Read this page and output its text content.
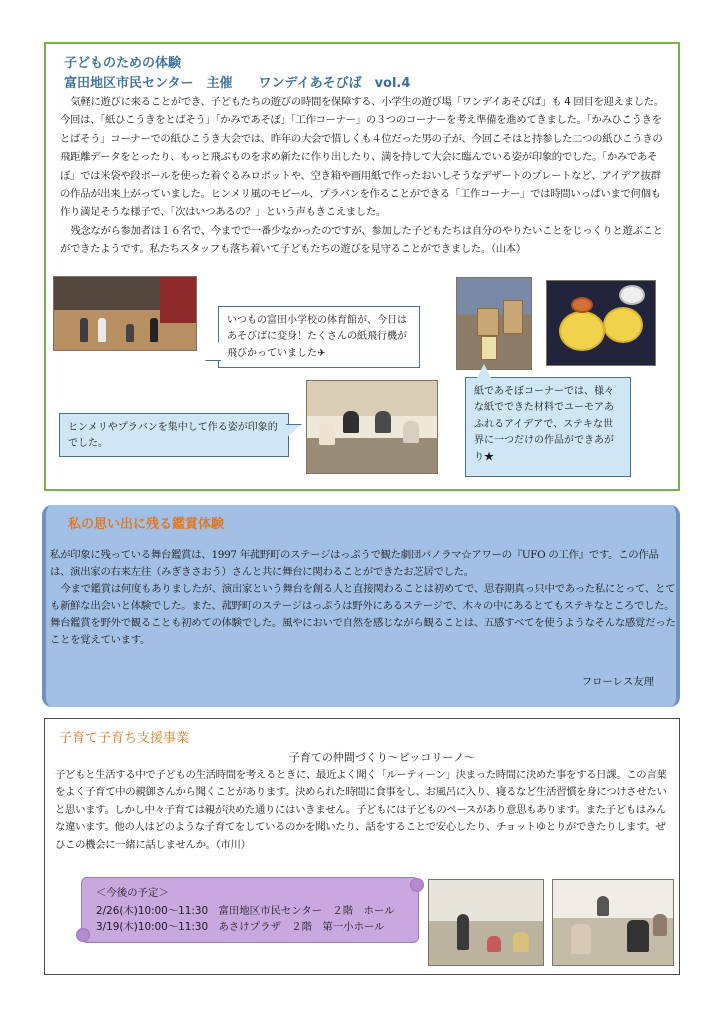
子どものための体験
富田地区市民センター　主催　　ワンデイあそびば　vol.4

気軽に遊びに来ることができ、子どもたちの遊びの時間を保障する、小学生の遊び場「ワンデイあそびば」も 4 回目を迎えました。今回は、「紙ひこうきをとばそう」「かみであそぼ」「工作コーナー」の３つのコーナーを考え準備を進めてきました。「かみひこうきをとばそう」コーナーでの紙ひこうき大会では、昨年の大会で惜しくも４位だった男の子が、今回こそはと持参した二つの紙ひこうきの飛距離データをとったり、もっと飛ぶものを求め新たに作り出したり、満を持して大会に臨んでいる姿が印象的でした。「かみであそぼ」では米袋や段ボールを使った着ぐるみロボットや、空き箱や画用紙で作ったおいしそうなデザートのプレートなど、アイデア抜群の作品が出来上がっていました。ヒンメリ風のモビール、プラバンを作ることができる「工作コーナー」では時間いっぱいまで何個も作り満足そうな様子で、「次はいつあるの？」という声もきこえました。

残念ながら参加者は１６名で、今までで一番少なかったのですが、参加した子どもたちは自分のやりたいことをじっくりと遊ぶことができたようです。私たちスタッフも落ち着いて子どもたちの遊びを見守ることができました。（山本）

いつもの富田小学校の体育館が、今日はあそびばに変身！たくさんの紙飛行機が飛びかっていました✈
ヒンメリやプラバンを集中して作る姿が印象的でした。
紙であそぼコーナーでは、様々な紙でできた材料でユーモアあふれるアイデアで、ステキな世界に一つだけの作品ができあがり★
私の思い出に残る鑑賞体験

私が印象に残っている舞台鑑賞は、1997 年菰野町のステージはっぷうで観た劇団パノラマ☆アワーの『UFO の工作』です。この作品は、演出家の右来左往（みぎきさおう）さんと共に舞台に関わることができたお芝居でした。

今まで鑑賞は何度もありましたが、演出家という舞台を創る人と直接関わることは初めてで、思春期真っ只中であった私にとって、とても新鮮な出会いと体験でした。また、菰野町のステージはっぷうは野外にあるステージで、木々の中にあるとてもステキなところでした。舞台鑑賞を野外で観ることも初めての体験でした。風やにおいで自然を感じながら観ることは、五感すべてを使うようなそんな感覚だったことを覚えています。

フローレス友理
子育て子育ち支援事業
子育ての仲間づくり～ピッコリーノ～
子どもと生活する中で子どもの生活時間を考えるときに、最近よく聞く「ルーティーン」決まった時間に決めた事をする日課。この言葉をよく子育て中の親御さんから聞くことがあります。決められた時間に食事をし、お風呂に入り、寝るなど生活習慣を身につけさせたいと思います。しかし中々子育ては親が決めた通りにはいきません。子どもには子どものペースがあり意思もあります。また子どもはみんな違います。他の人はどのような子育てをしているのかを聞いたり、話をすることで安心したり、チョットゆとりができたりします。ぜひこの機会に一緒に話しませんか。（市川）
＜今後の予定＞
2/26(木)10:00～11:30　富田地区市民センター　２階　ホール
3/19(木)10:00～11:30　あさけプラザ　２階　第一小ホール
